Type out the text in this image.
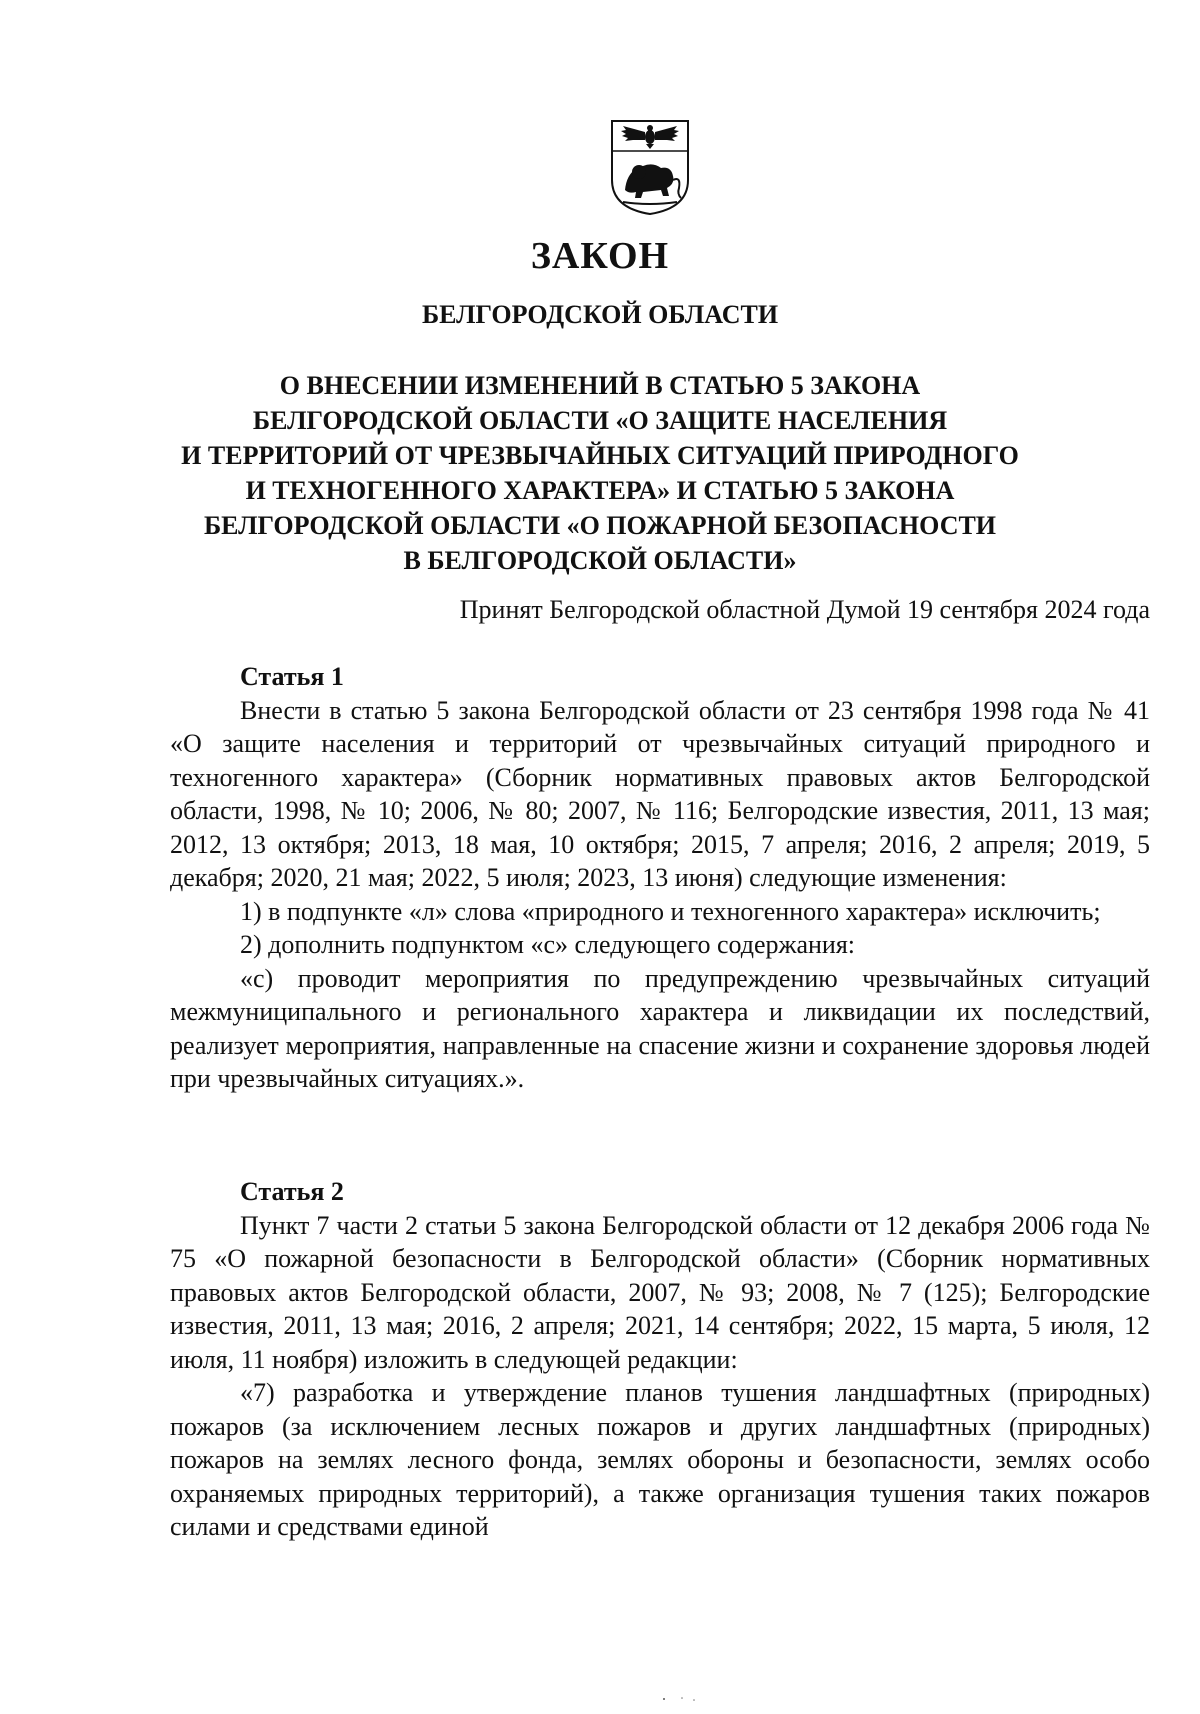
ЗАКОН
БЕЛГОРОДСКОЙ ОБЛАСТИ
О ВНЕСЕНИИ ИЗМЕНЕНИЙ В СТАТЬЮ 5 ЗАКОНА
БЕЛГОРОДСКОЙ ОБЛАСТИ «О ЗАЩИТЕ НАСЕЛЕНИЯ
И ТЕРРИТОРИЙ ОТ ЧРЕЗВЫЧАЙНЫХ СИТУАЦИЙ ПРИРОДНОГО
И ТЕХНОГЕННОГО ХАРАКТЕРА» И СТАТЬЮ 5 ЗАКОНА
БЕЛГОРОДСКОЙ ОБЛАСТИ «О ПОЖАРНОЙ БЕЗОПАСНОСТИ
В БЕЛГОРОДСКОЙ ОБЛАСТИ»
Принят Белгородской областной Думой 19 сентября 2024 года
Статья 1

Внести в статью 5 закона Белгородской области от 23 сентября 1998 года № 41 «О защите населения и территорий от чрезвычайных ситуаций природного и техногенного характера» (Сборник нормативных правовых актов Белгородской области, 1998, № 10; 2006, № 80; 2007, № 116; Белгородские известия, 2011, 13 мая; 2012, 13 октября; 2013, 18 мая, 10 октября; 2015, 7 апреля; 2016, 2 апреля; 2019, 5 декабря; 2020, 21 мая; 2022, 5 июля; 2023, 13 июня) следующие изменения:

1) в подпункте «л» слова «природного и техногенного характера» исключить;

2) дополнить подпунктом «с» следующего содержания:

«с) проводит мероприятия по предупреждению чрезвычайных ситуаций межмуниципального и регионального характера и ликвидации их последствий, реализует мероприятия, направленные на спасение жизни и сохранение здоровья людей при чрезвычайных ситуациях.».

Статья 2

Пункт 7 части 2 статьи 5 закона Белгородской области от 12 декабря 2006 года № 75 «О пожарной безопасности в Белгородской области» (Сборник нормативных правовых актов Белгородской области, 2007, № 93; 2008, № 7 (125); Белгородские известия, 2011, 13 мая; 2016, 2 апреля; 2021, 14 сентября; 2022, 15 марта, 5 июля, 12 июля, 11 ноября) изложить в следующей редакции:

«7) разработка и утверждение планов тушения ландшафтных (природных) пожаров (за исключением лесных пожаров и других ландшафтных (природных) пожаров на землях лесного фонда, землях обороны и безопасности, землях особо охраняемых природных территорий), а также организация тушения таких пожаров силами и средствами единой
